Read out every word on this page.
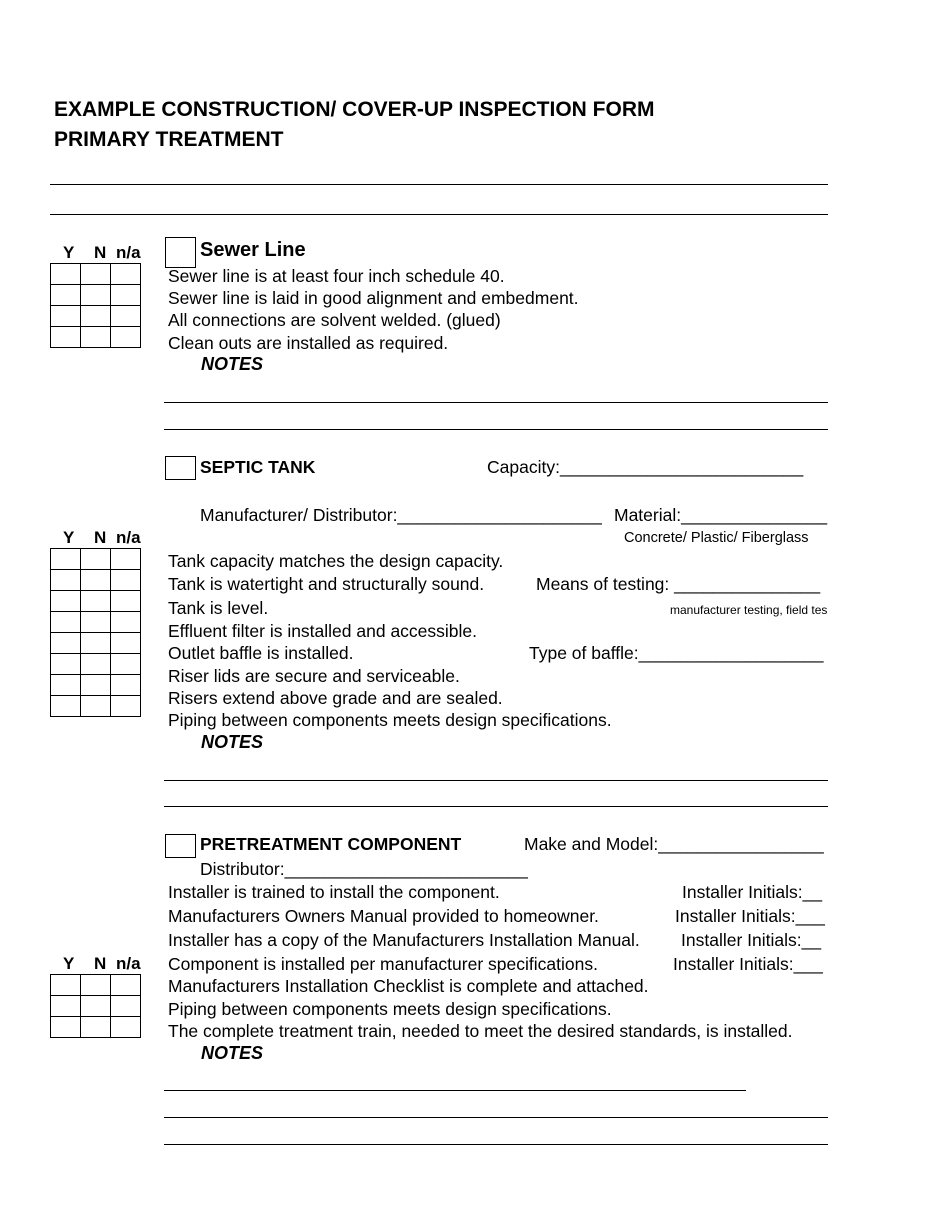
EXAMPLE CONSTRUCTION/ COVER-UP INSPECTION FORM
PRIMARY TREATMENT
Y N n/a

			Sewer Line
Sewer line is at least four inch schedule 40.
Sewer line is laid in good alignment and embedment.
All connections are solvent welded. (glued)
Clean outs are installed as required.
NOTES
SEPTIC TANK	Capacity:_________________________
Manufacturer/ Distributor:_____________________ Material:_______________
Concrete/ Plastic/ Fiberglass
Y N n/a

Tank capacity matches the design capacity.
Tank is watertight and structurally sound.	Means of testing: _______________
Tank is level.	manufacturer testing, field tes
Effluent filter is installed and accessible.
Outlet baffle is installed.	Type of baffle:___________________
Riser lids are secure and serviceable.
Risers extend above grade and are sealed.
Piping between components meets design specifications.
NOTES
PRETREATMENT COMPONENT	Make and Model:_________________
Distributor:_________________________
Installer is trained to install the component.	Installer Initials:__
Manufacturers Owners Manual provided to homeowner.	Installer Initials:___
Installer has a copy of the Manufacturers Installation Manual. Installer Initials:__
Y N n/a Component is installed per manufacturer specifications.	Installer Initials:___

Manufacturers Installation Checklist is complete and attached.
Piping between components meets design specifications.
The complete treatment train, needed to meet the desired standards, is installed.
NOTES
